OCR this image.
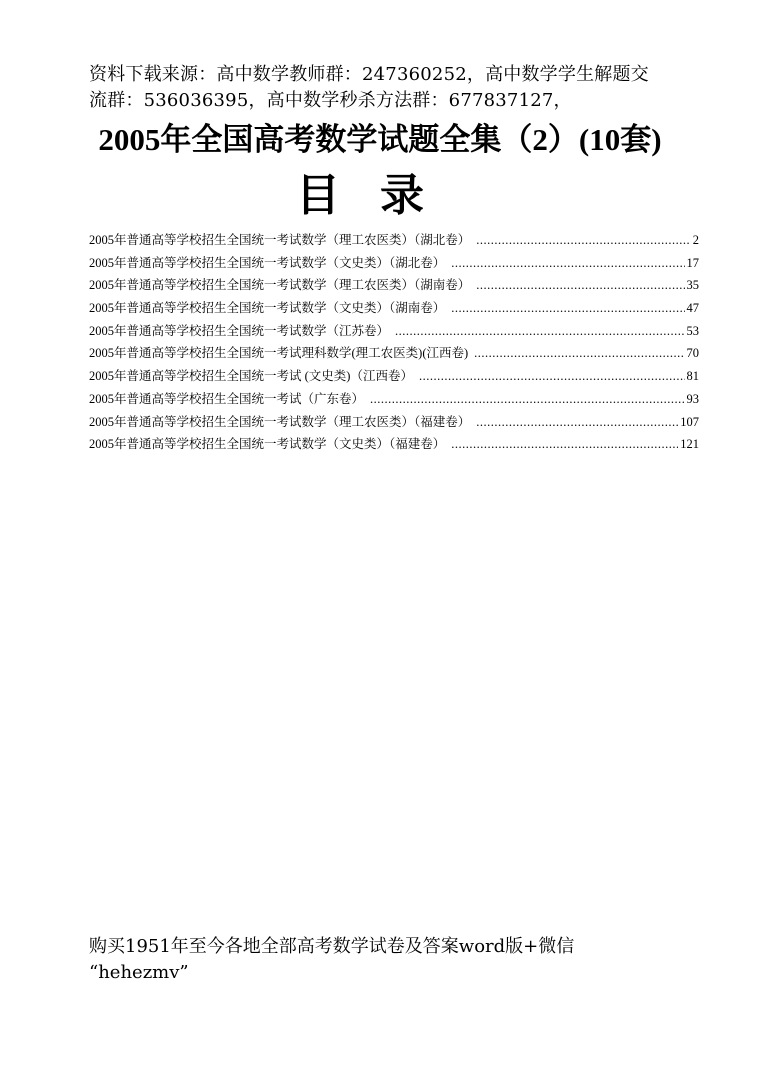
资料下载来源：高中数学教师群：247360252，高中数学学生解题交
流群：536036395，高中数学秒杀方法群：677837127，
2005年全国高考数学试题全集（2）(10套)
目录
2005年普通高等学校招生全国统一考试数学（理工农医类）（湖北卷） .....	2
2005年普通高等学校招生全国统一考试数学（文史类）（湖北卷） .....	17
2005年普通高等学校招生全国统一考试数学（理工农医类）（湖南卷） .....	35
2005年普通高等学校招生全国统一考试数学（文史类）（湖南卷） .....	47
2005年普通高等学校招生全国统一考试数学（江苏卷） .....	53
2005年普通高等学校招生全国统一考试理科数学(理工农医类)(江西卷) .....	70
2005年普通高等学校招生全国统一考试 (文史类)（江西卷） .....	81
2005年普通高等学校招生全国统一考试（广东卷） .....	93
2005年普通高等学校招生全国统一考试数学（理工农医类）（福建卷） .....	107
2005年普通高等学校招生全国统一考试数学（文史类）（福建卷） .....	121
购买1951年至今各地全部高考数学试卷及答案word版+微信
“hehezmv”
